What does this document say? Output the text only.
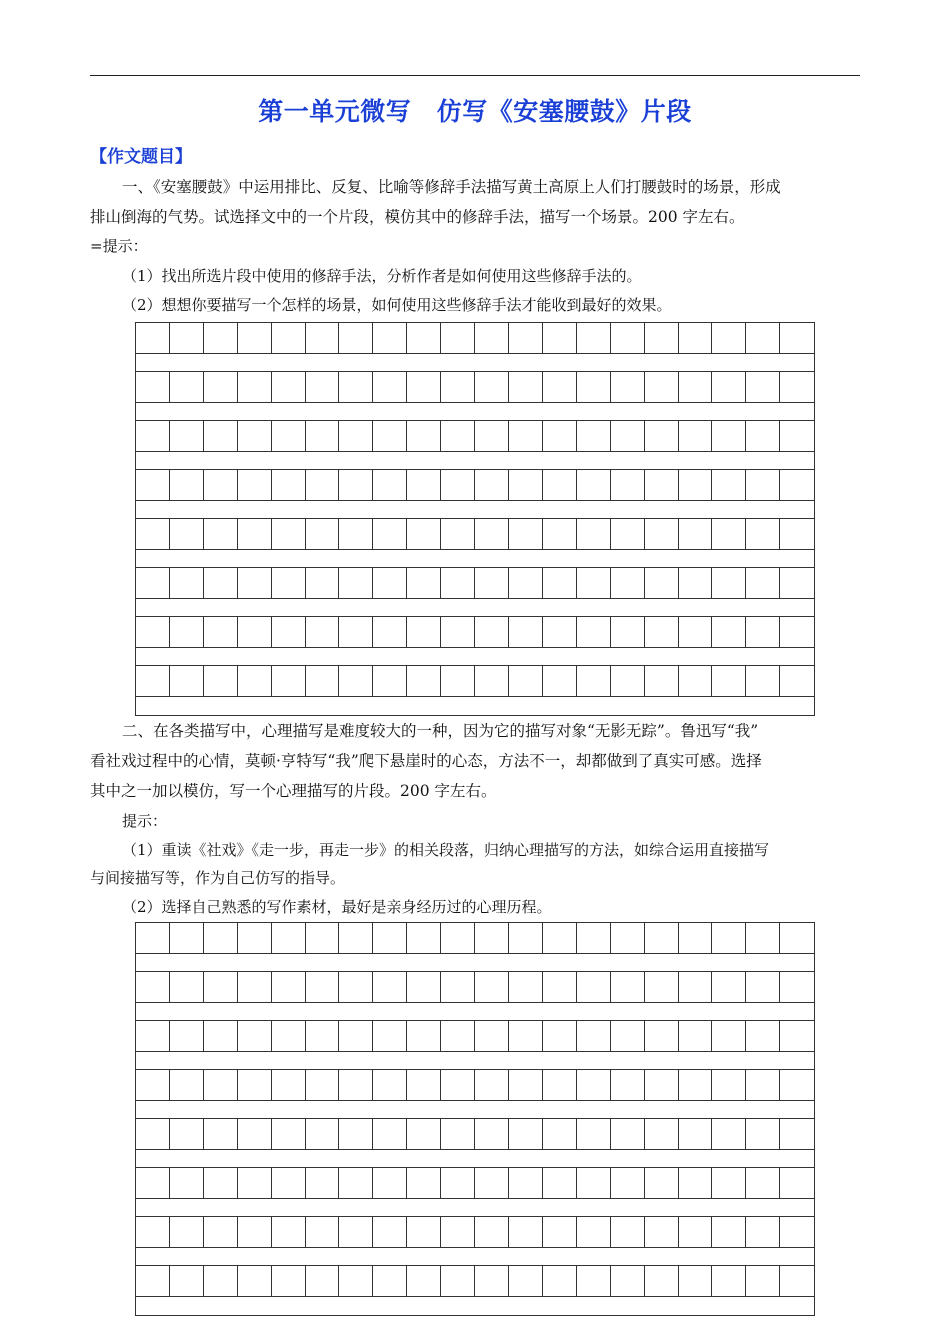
第一单元微写　仿写《安塞腰鼓》片段
【作文题目】
一、《安塞腰鼓》中运用排比、反复、比喻等修辞手法描写黄土高原上人们打腰鼓时的场景，形成
排山倒海的气势。试选择文中的一个片段，模仿其中的修辞手法，描写一个场景。200 字左右。
=提示：
（1）找出所选片段中使用的修辞手法，分析作者是如何使用这些修辞手法的。
（2）想想你要描写一个怎样的场景，如何使用这些修辞手法才能收到最好的效果。
二、在各类描写中，心理描写是难度较大的一种，因为它的描写对象“无影无踪”。鲁迅写“我”
看社戏过程中的心情，莫顿·亨特写“我”爬下悬崖时的心态，方法不一，却都做到了真实可感。选择
其中之一加以模仿，写一个心理描写的片段。200 字左右。
提示：
（1）重读《社戏》《走一步，再走一步》的相关段落，归纳心理描写的方法，如综合运用直接描写
与间接描写等，作为自己仿写的指导。
（2）选择自己熟悉的写作素材，最好是亲身经历过的心理历程。
